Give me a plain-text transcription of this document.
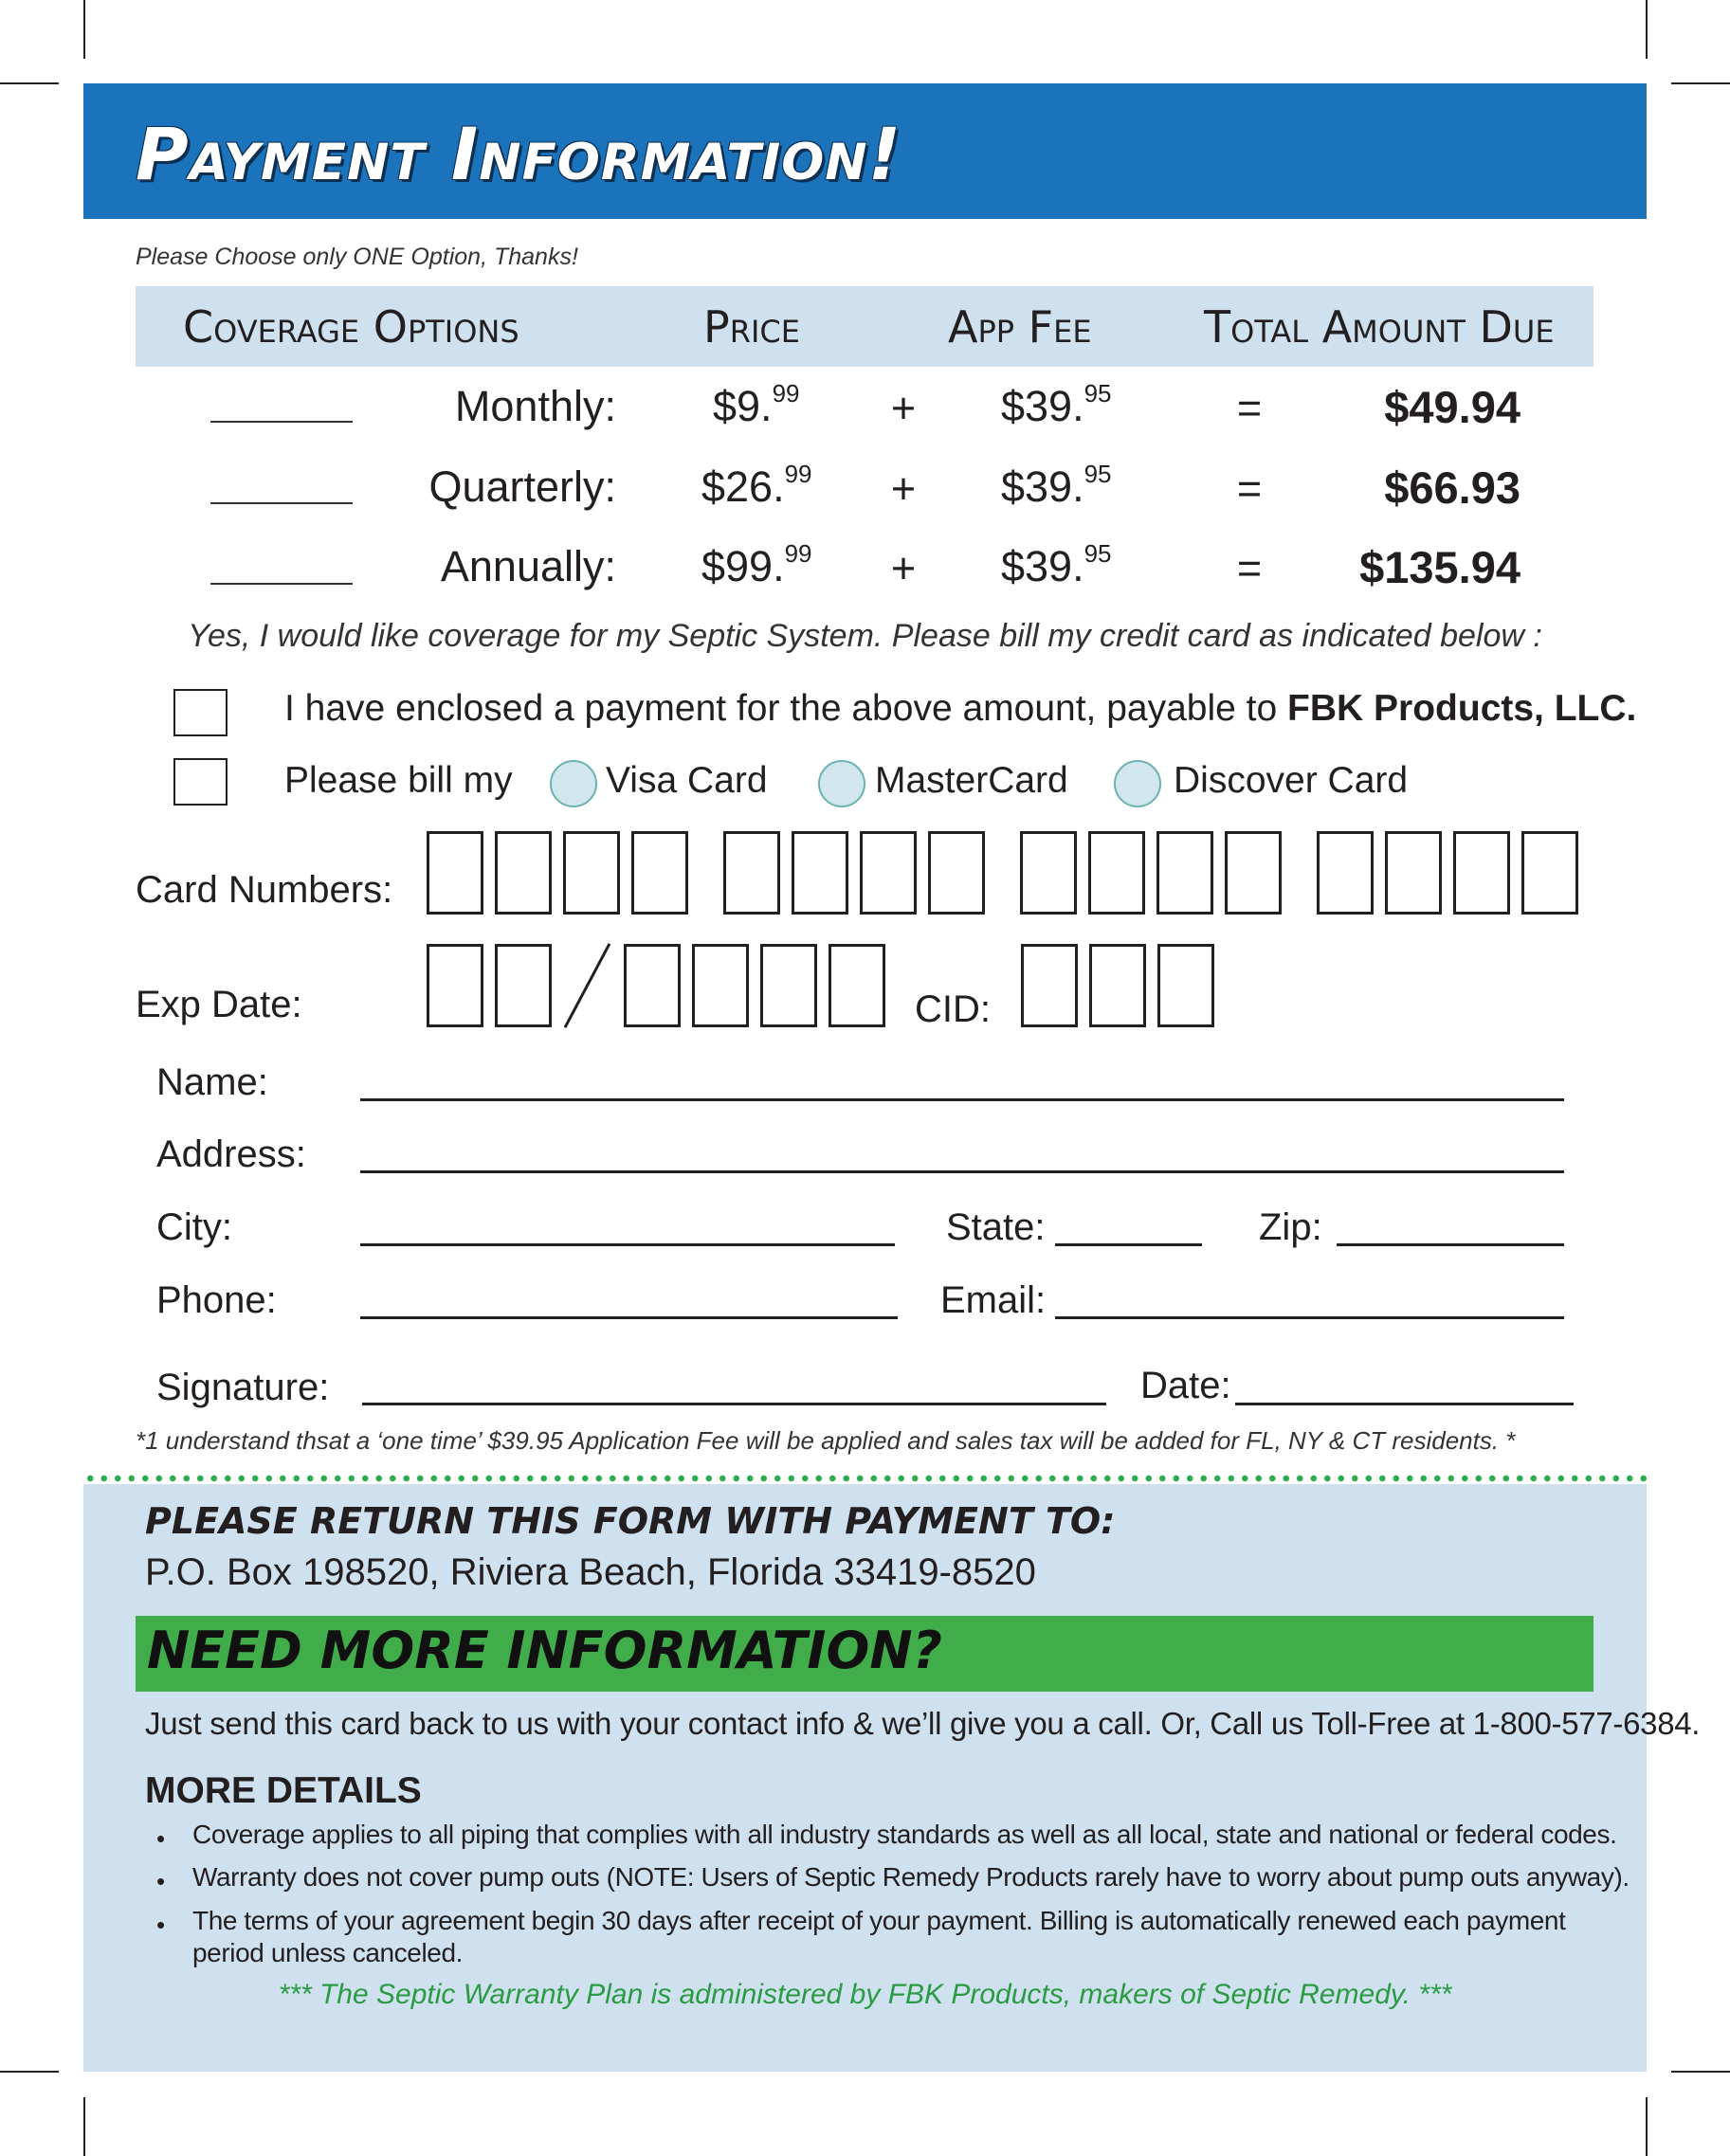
Payment Information!
Please Choose only ONE Option, Thanks!
Coverage Options	Price	App Fee	Total Amount Due
Monthly: $9.99 + $39.95	=	$49.94
Quarterly: $26.99 + $39.95	=	$66.93
Annually: $99.99 + $39.95	=	$135.94
Yes, I would like coverage for my Septic System. Please bill my credit card as indicated below :
I have enclosed a payment for the above amount, payable to FBK Products, LLC.
Please bill my	Visa Card	MasterCard	Discover Card
Card Numbers:
Exp Date:	CID:
Name:
Address:
City:	State:	Zip:
Phone:	Email:
Signature:	Date:
*1 understand thsat a ‘one time’ $39.95 Application Fee will be applied and sales tax will be added for FL, NY & CT residents. *
PLEASE RETURN THIS FORM WITH PAYMENT TO:
P.O. Box 198520, Riviera Beach, Florida 33419-8520
NEED MORE INFORMATION?
Just send this card back to us with your contact info & we’ll give you a call. Or, Call us Toll-Free at 1-800-577-6384.
MORE DETAILS
• Coverage applies to all piping that complies with all industry standards as well as all local, state and national or federal codes.
• Warranty does not cover pump outs (NOTE: Users of Septic Remedy Products rarely have to worry about pump outs anyway).
• The terms of your agreement begin 30 days after receipt of your payment. Billing is automatically renewed each payment
period unless canceled.
*** The Septic Warranty Plan is administered by FBK Products, makers of Septic Remedy. ***
